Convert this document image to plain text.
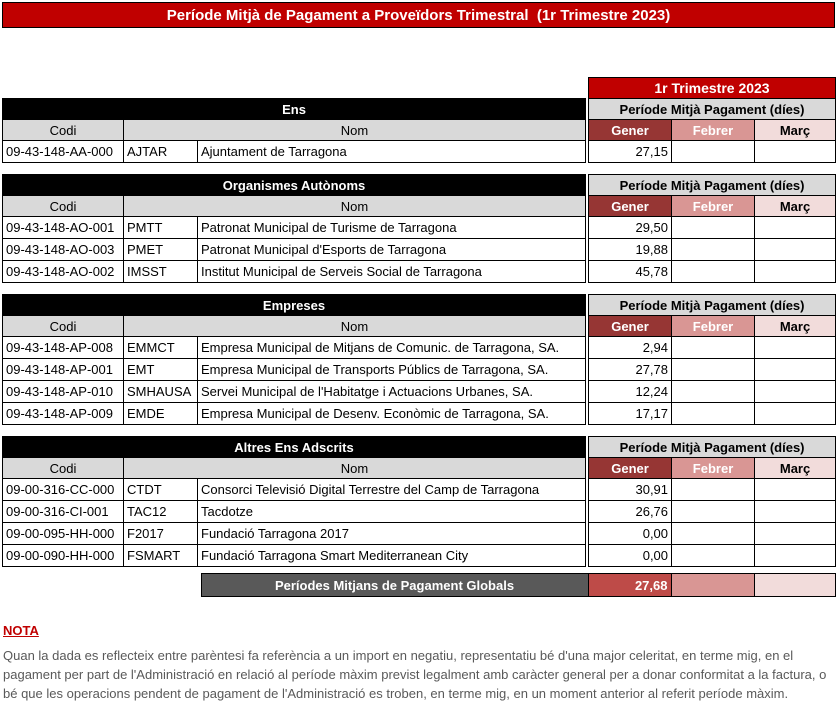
Període Mitjà de Pagament a Proveïdors Trimestral  (1r Trimestre 2023)
				1r Trimestre 2023		
Ens				Període Mitjà Pagament (díes)		
Codi	Nom			Gener	Febrer	Març
09-43-148-AA-000	AJTAR	Ajuntament de Tarragona		27,15		
Organismes Autònoms				Període Mitjà Pagament (díes)		
Codi	Nom			Gener	Febrer	Març
09-43-148-AO-001	PMTT	Patronat Municipal de Turisme de Tarragona		29,50		
09-43-148-AO-003	PMET	Patronat Municipal d'Esports de Tarragona		19,88		
09-43-148-AO-002	IMSST	Institut Municipal de Serveis Social de Tarragona		45,78		
Empreses				Període Mitjà Pagament (díes)		
Codi	Nom			Gener	Febrer	Març
09-43-148-AP-008	EMMCT	Empresa Municipal de Mitjans de Comunic. de Tarragona, SA.		2,94		
09-43-148-AP-001	EMT	Empresa Municipal de Transports Públics de Tarragona, SA.		27,78		
09-43-148-AP-010	SMHAUSA	Servei Municipal de l'Habitatge i Actuacions Urbanes, SA.		12,24		
09-43-148-AP-009	EMDE	Empresa Municipal de Desenv. Econòmic de Tarragona, SA.		17,17		
Altres Ens Adscrits				Període Mitjà Pagament (díes)		
Codi	Nom			Gener	Febrer	Març
09-00-316-CC-000	CTDT	Consorci Televisió Digital Terrestre del Camp de Tarragona		30,91		
09-00-316-CI-001	TAC12	Tacdotze		26,76		
09-00-095-HH-000	F2017	Fundació Tarragona 2017		0,00		
09-00-090-HH-000	FSMART	Fundació Tarragona Smart Mediterranean City		0,00		
	Períodes Mitjans de Pagament Globals	27,68		
NOTA
Quan la dada es reflecteix entre parèntesi fa referència a un import en negatiu, representatiu bé d'una major celeritat, en terme mig, en el pagament per part de l'Administració en relació al període màxim previst legalment amb caràcter general per a donar conformitat a la factura, o bé que les operacions pendent de pagament de l'Administració es troben, en terme mig, en un moment anterior al referit període màxim.
